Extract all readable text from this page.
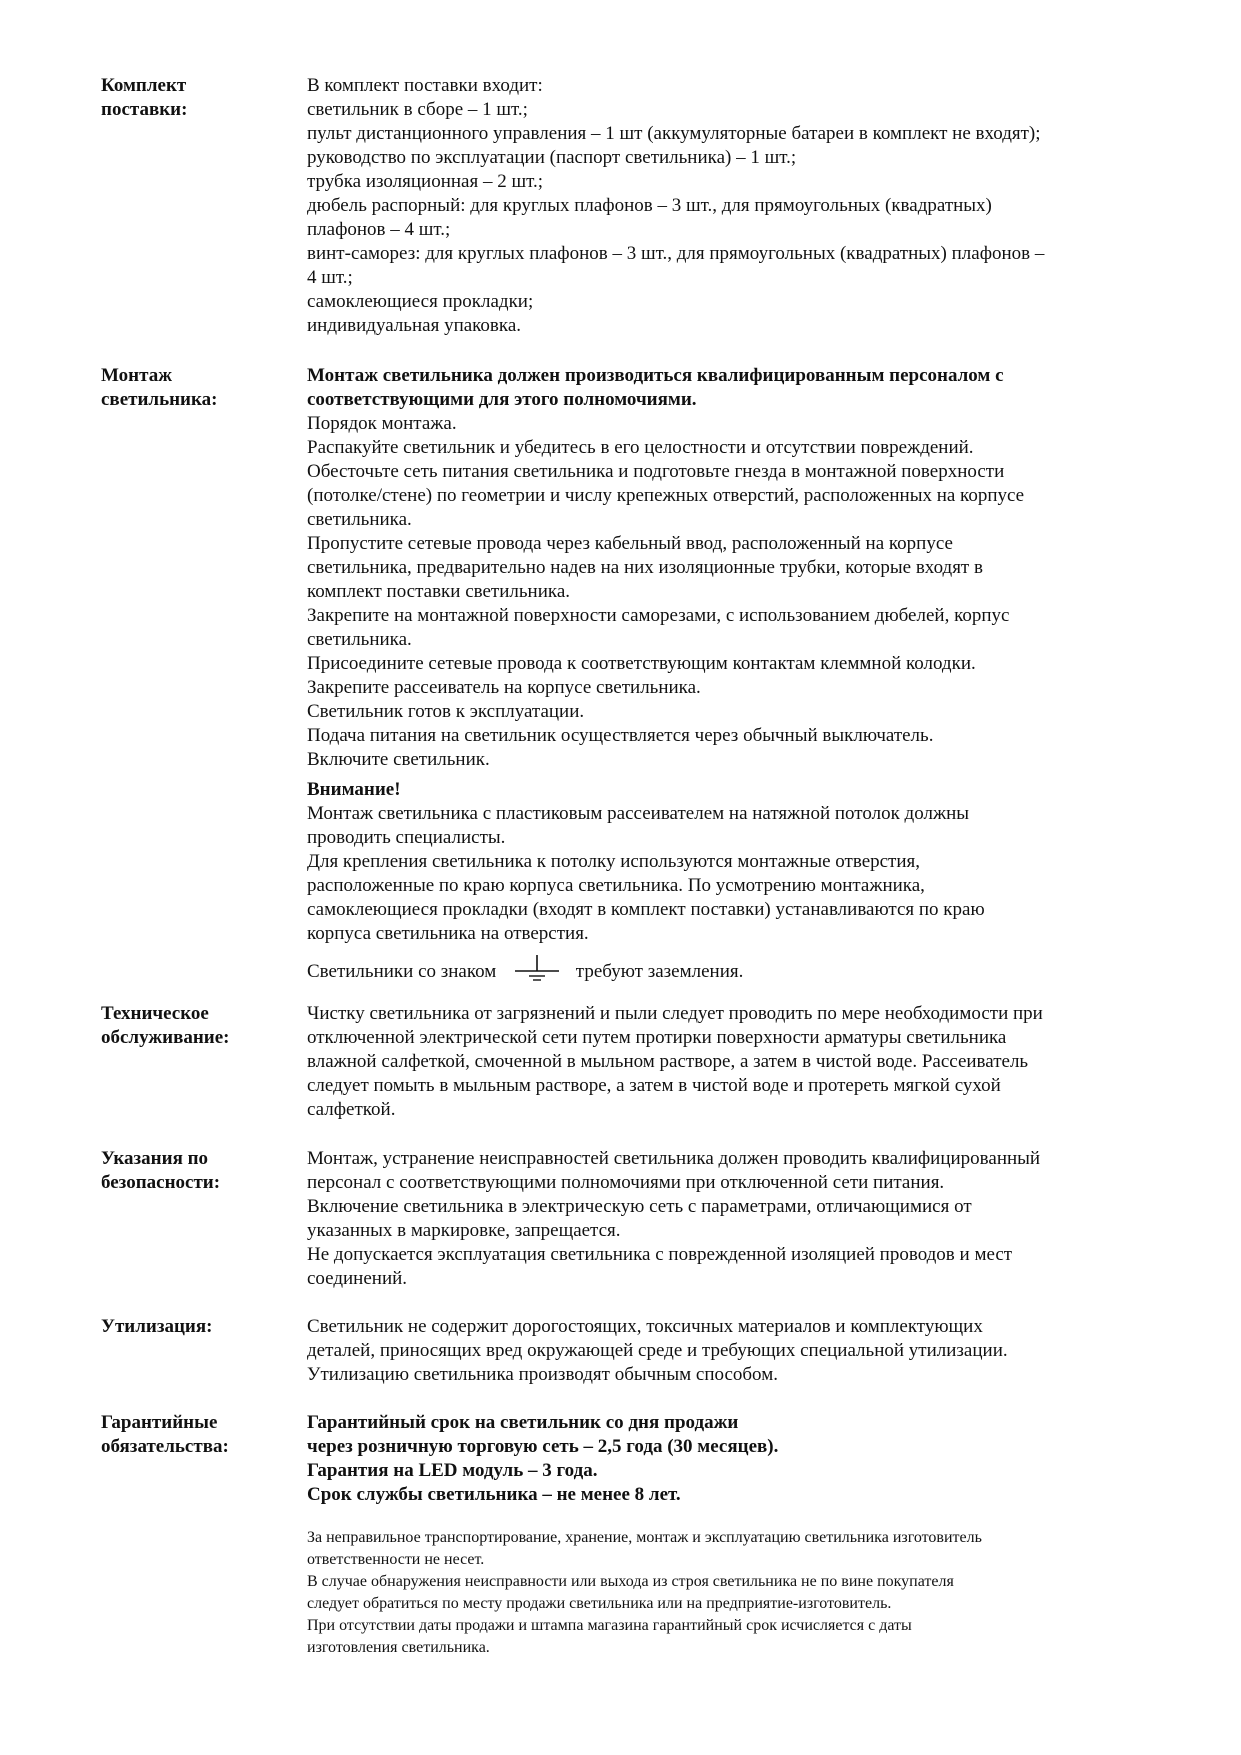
Комплект
поставки:
В комплект поставки входит:
светильник в сборе – 1 шт.;
пульт дистанционного управления – 1 шт (аккумуляторные батареи в комплект не входят);
руководство по эксплуатации (паспорт светильника) – 1 шт.;
трубка изоляционная – 2 шт.;
дюбель распорный: для круглых плафонов – 3 шт., для прямоугольных (квадратных)
плафонов – 4 шт.;
винт-саморез: для круглых плафонов – 3 шт., для прямоугольных (квадратных) плафонов –
4 шт.;
самоклеющиеся прокладки;
индивидуальная упаковка.
Монтаж
светильника:
Монтаж светильника должен производиться квалифицированным персоналом с
соответствующими для этого полномочиями.
Порядок монтажа.
Распакуйте светильник и убедитесь в его целостности и отсутствии повреждений.
Обесточьте сеть питания светильника и подготовьте гнезда в монтажной поверхности
(потолке/стене) по геометрии и числу крепежных отверстий, расположенных на корпусе
светильника.
Пропустите сетевые провода через кабельный ввод, расположенный на корпусе
светильника, предварительно надев на них изоляционные трубки, которые входят в
комплект поставки светильника.
Закрепите на монтажной поверхности саморезами, с использованием дюбелей, корпус
светильника.
Присоедините сетевые провода к соответствующим контактам клеммной колодки.
Закрепите рассеиватель на корпусе светильника.
Светильник готов к эксплуатации.
Подача питания на светильник осуществляется через обычный выключатель.
Включите светильник.
Внимание!
Монтаж светильника с пластиковым рассеивателем на натяжной потолок должны
проводить специалисты.
Для крепления светильника к потолку используются монтажные отверстия,
расположенные по краю корпуса светильника. По усмотрению монтажника,
самоклеющиеся прокладки (входят в комплект поставки) устанавливаются по краю
корпуса светильника на отверстия.
Светильники со знаком	требуют заземления.
Техническое
обслуживание:
Чистку светильника от загрязнений и пыли следует проводить по мере необходимости при
отключенной электрической сети путем протирки поверхности арматуры светильника
влажной салфеткой, смоченной в мыльном растворе, а затем в чистой воде. Рассеиватель
следует помыть в мыльным растворе, а затем в чистой воде и протереть мягкой сухой
салфеткой.
Указания по
безопасности:
Монтаж, устранение неисправностей светильника должен проводить квалифицированный
персонал с соответствующими полномочиями при отключенной сети питания.
Включение светильника в электрическую сеть с параметрами, отличающимися от
указанных в маркировке, запрещается.
Не допускается эксплуатация светильника с поврежденной изоляцией проводов и мест
соединений.
Утилизация:	Светильник не содержит дорогостоящих, токсичных материалов и комплектующих
деталей, приносящих вред окружающей среде и требующих специальной утилизации.
Утилизацию светильника производят обычным способом.
Гарантийные
обязательства:
Гарантийный срок на светильник со дня продажи
через розничную торговую сеть – 2,5 года (30 месяцев).
Гарантия на LED модуль – 3 года.
Срок службы светильника – не менее 8 лет.
За неправильное транспортирование, хранение, монтаж и эксплуатацию светильника изготовитель
ответственности не несет.
В случае обнаружения неисправности или выхода из строя светильника не по вине покупателя
следует обратиться по месту продажи светильника или на предприятие-изготовитель.
При отсутствии даты продажи и штампа магазина гарантийный срок исчисляется с даты
изготовления светильника.
